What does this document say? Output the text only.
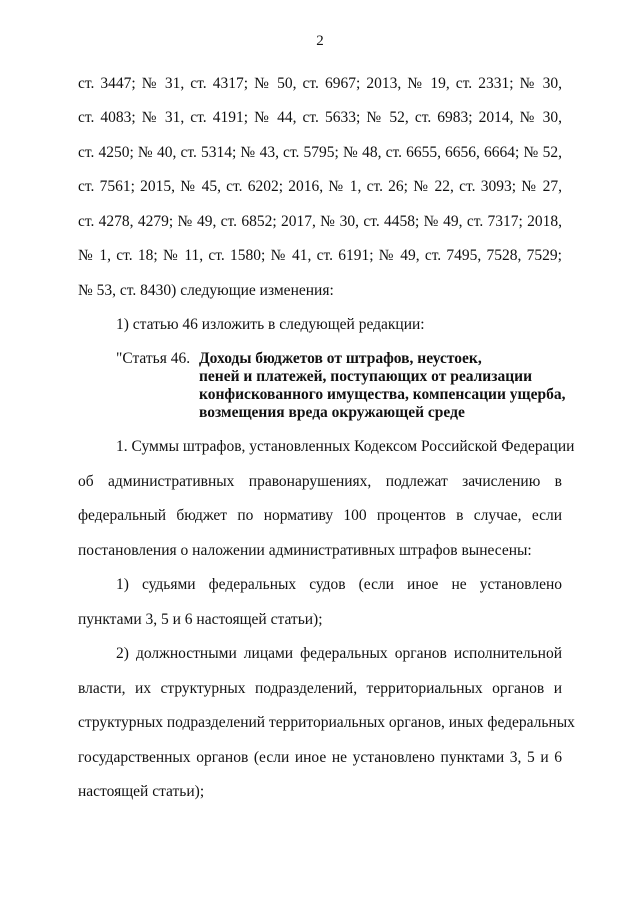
2
ст. 3447; № 31, ст. 4317; № 50, ст. 6967; 2013, № 19, ст. 2331; № 30,
ст. 4083; № 31, ст. 4191; № 44, ст. 5633; № 52, ст. 6983; 2014, № 30,
ст. 4250; № 40, ст. 5314; № 43, ст. 5795; № 48, ст. 6655, 6656, 6664; № 52,
ст. 7561; 2015, № 45, ст. 6202; 2016, № 1, ст. 26; № 22, ст. 3093; № 27,
ст. 4278, 4279; № 49, ст. 6852; 2017, № 30, ст. 4458; № 49, ст. 7317; 2018,
№ 1, ст. 18; № 11, ст. 1580; № 41, ст. 6191; № 49, ст. 7495, 7528, 7529;
№ 53, ст. 8430) следующие изменения:
1) статью 46 изложить в следующей редакции:
"Статья 46. Доходы бюджетов от штрафов, неустоек,
пеней и платежей, поступающих от реализации
конфискованного имущества, компенсации ущерба,
возмещения вреда окружающей среде
1. Суммы штрафов, установленных Кодексом Российской Федерации
об административных правонарушениях, подлежат зачислению в
федеральный бюджет по нормативу 100 процентов в случае, если
постановления о наложении административных штрафов вынесены:
1) судьями федеральных судов (если иное не установлено
пунктами 3, 5 и 6 настоящей статьи);
2) должностными лицами федеральных органов исполнительной
власти, их структурных подразделений, территориальных органов и
структурных подразделений территориальных органов, иных федеральных
государственных органов (если иное не установлено пунктами 3, 5 и 6
настоящей статьи);
